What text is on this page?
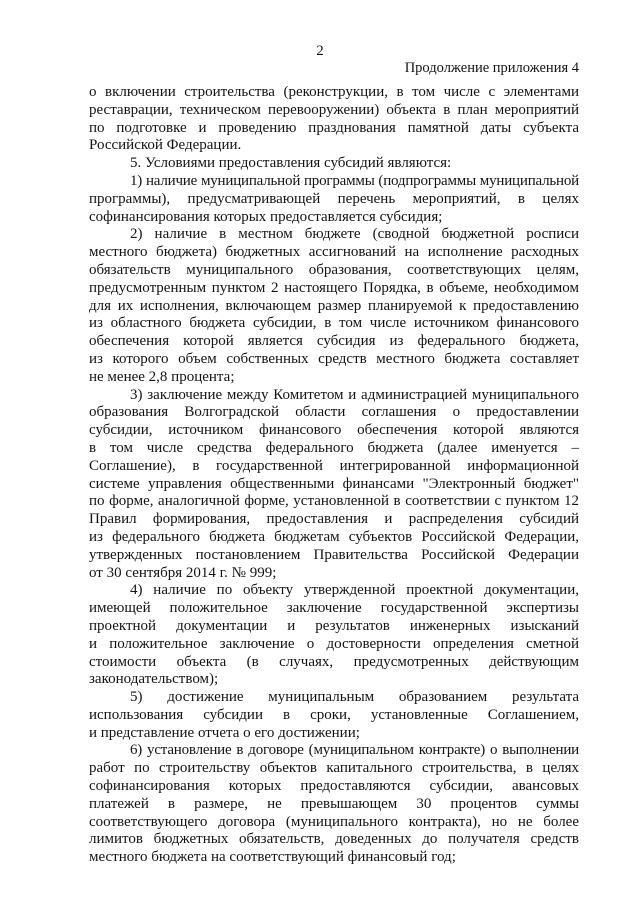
2
Продолжение приложения 4
о включении строительства (реконструкции, в том числе с элементами
реставрации, техническом перевооружении) объекта в план мероприятий
по подготовке и проведению празднования памятной даты субъекта
Российской Федерации.
5. Условиями предоставления субсидий являются:
1) наличие муниципальной программы (подпрограммы муниципальной
программы), предусматривающей перечень мероприятий, в целях
софинансирования которых предоставляется субсидия;
2) наличие в местном бюджете (сводной бюджетной росписи
местного бюджета) бюджетных ассигнований на исполнение расходных
обязательств муниципального образования, соответствующих целям,
предусмотренным пунктом 2 настоящего Порядка, в объеме, необходимом
для их исполнения, включающем размер планируемой к предоставлению
из областного бюджета субсидии, в том числе источником финансового
обеспечения которой является субсидия из федерального бюджета,
из которого объем собственных средств местного бюджета составляет
не менее 2,8 процента;
3) заключение между Комитетом и администрацией муниципального
образования Волгоградской области соглашения о предоставлении
субсидии, источником финансового обеспечения которой являются
в том числе средства федерального бюджета (далее именуется –
Соглашение), в государственной интегрированной информационной
системе управления общественными финансами "Электронный бюджет"
по форме, аналогичной форме, установленной в соответствии с пунктом 12
Правил формирования, предоставления и распределения субсидий
из федерального бюджета бюджетам субъектов Российской Федерации,
утвержденных постановлением Правительства Российской Федерации
от 30 сентября 2014 г. № 999;
4) наличие по объекту утвержденной проектной документации,
имеющей положительное заключение государственной экспертизы
проектной документации и результатов инженерных изысканий
и положительное заключение о достоверности определения сметной
стоимости объекта (в случаях, предусмотренных действующим
законодательством);
5) достижение муниципальным образованием результата
использования субсидии в сроки, установленные Соглашением,
и представление отчета о его достижении;
6) установление в договоре (муниципальном контракте) о выполнении
работ по строительству объектов капитального строительства, в целях
софинансирования которых предоставляются субсидии, авансовых
платежей в размере, не превышающем 30 процентов суммы
соответствующего договора (муниципального контракта), но не более
лимитов бюджетных обязательств, доведенных до получателя средств
местного бюджета на соответствующий финансовый год;
